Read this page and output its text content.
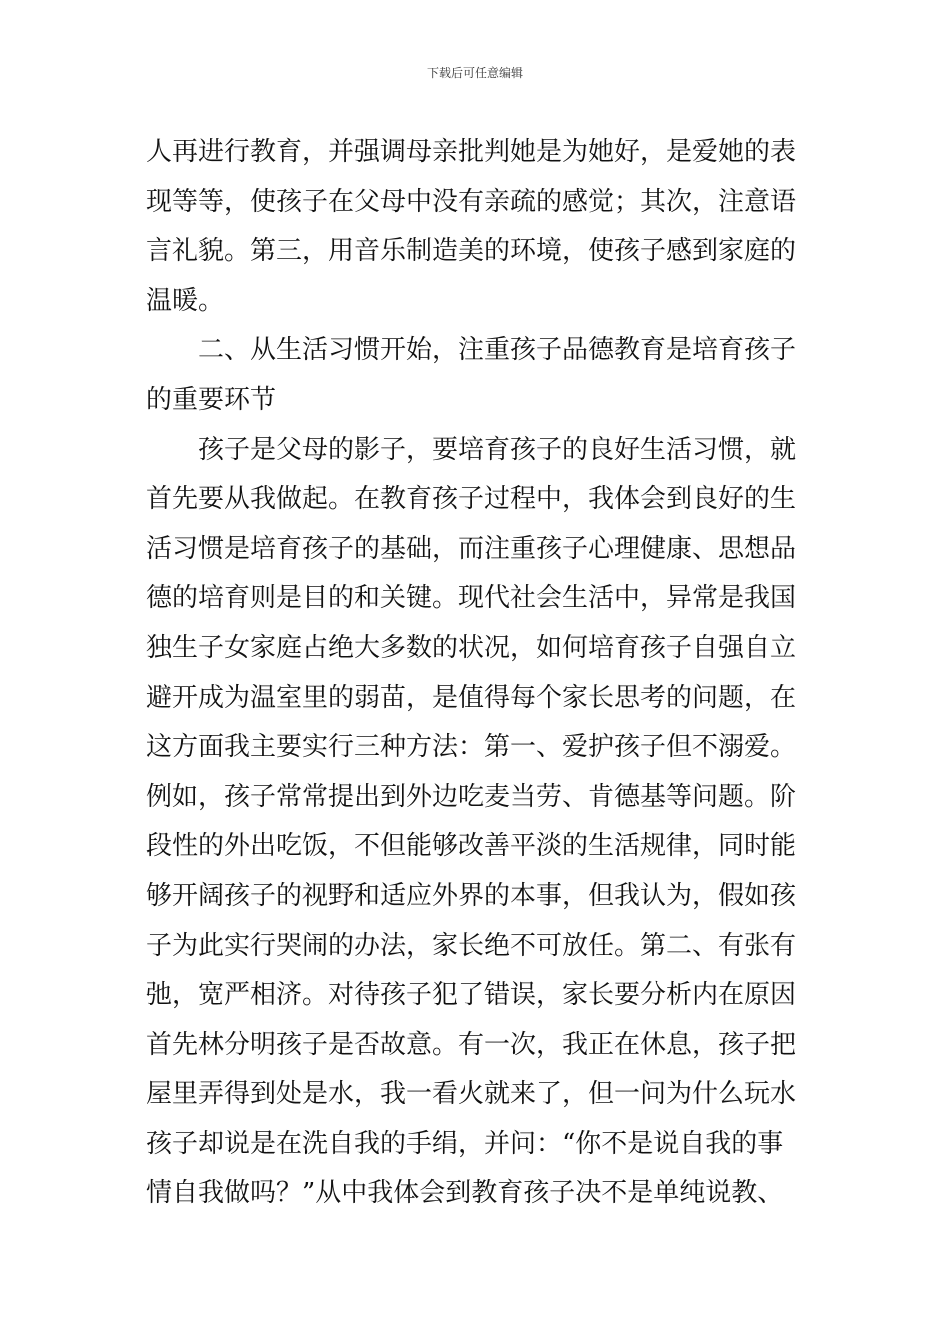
下载后可任意编辑
人再进行教育，并强调母亲批判她是为她好，是爱她的表
现等等，使孩子在父母中没有亲疏的感觉；其次，注意语
言礼貌。第三，用音乐制造美的环境，使孩子感到家庭的
温暖。
二、从生活习惯开始，注重孩子品德教育是培育孩子
的重要环节
孩子是父母的影子，要培育孩子的良好生活习惯，就
首先要从我做起。在教育孩子过程中，我体会到良好的生
活习惯是培育孩子的基础，而注重孩子心理健康、思想品
德的培育则是目的和关键。现代社会生活中，异常是我国
独生子女家庭占绝大多数的状况，如何培育孩子自强自立
避开成为温室里的弱苗，是值得每个家长思考的问题，在
这方面我主要实行三种方法：第一、爱护孩子但不溺爱。
例如，孩子常常提出到外边吃麦当劳、肯德基等问题。阶
段性的外出吃饭，不但能够改善平淡的生活规律，同时能
够开阔孩子的视野和适应外界的本事，但我认为，假如孩
子为此实行哭闹的办法，家长绝不可放任。第二、有张有
弛，宽严相济。对待孩子犯了错误，家长要分析内在原因
首先林分明孩子是否故意。有一次，我正在休息，孩子把
屋里弄得到处是水，我一看火就来了，但一问为什么玩水
孩子却说是在洗自我的手绢，并问：“你不是说自我的事
情自我做吗？”从中我体会到教育孩子决不是单纯说教、
